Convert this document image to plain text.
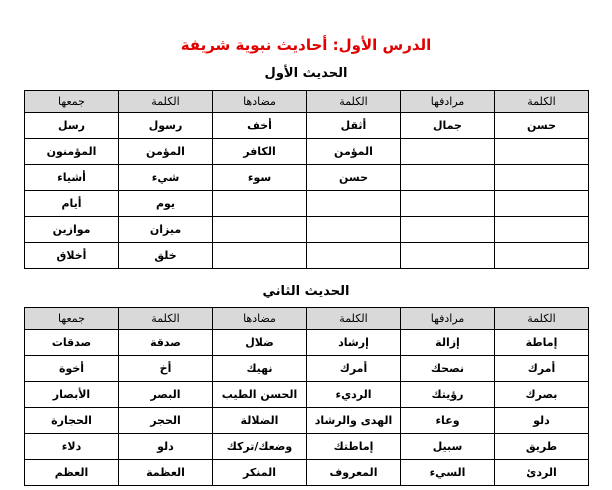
الدرس الأول: أحاديث نبوية شريفة
الحديث الأول
الكلمة	مرادفها	الكلمة	مضادها	الكلمة	جمعها
حسن	جمال	أثقل	أخف	رسول	رسل
		المؤمن	الكافر	المؤمن	المؤمنون
		حسن	سوء	شيء	أشياء
				يوم	أيام
				ميزان	موازين
				خلق	أخلاق
الحديث الثاني
الكلمة	مرادفها	الكلمة	مضادها	الكلمة	جمعها
إماطة	إزالة	إرشاد	ضلال	صدقة	صدقات
أمرك	نصحك	أمرك	نهيك	أخ	أخوة
بصرك	رؤيتك	الرديء	الحسن الطيب	البصر	الأبصار
دلو	وعاء	الهدى والرشاد	الضلالة	الحجر	الحجارة
طريق	سبيل	إماطتك	وضعك/تركك	دلو	دلاء
الردئ	السيء	المعروف	المنكر	العظمة	العظم
